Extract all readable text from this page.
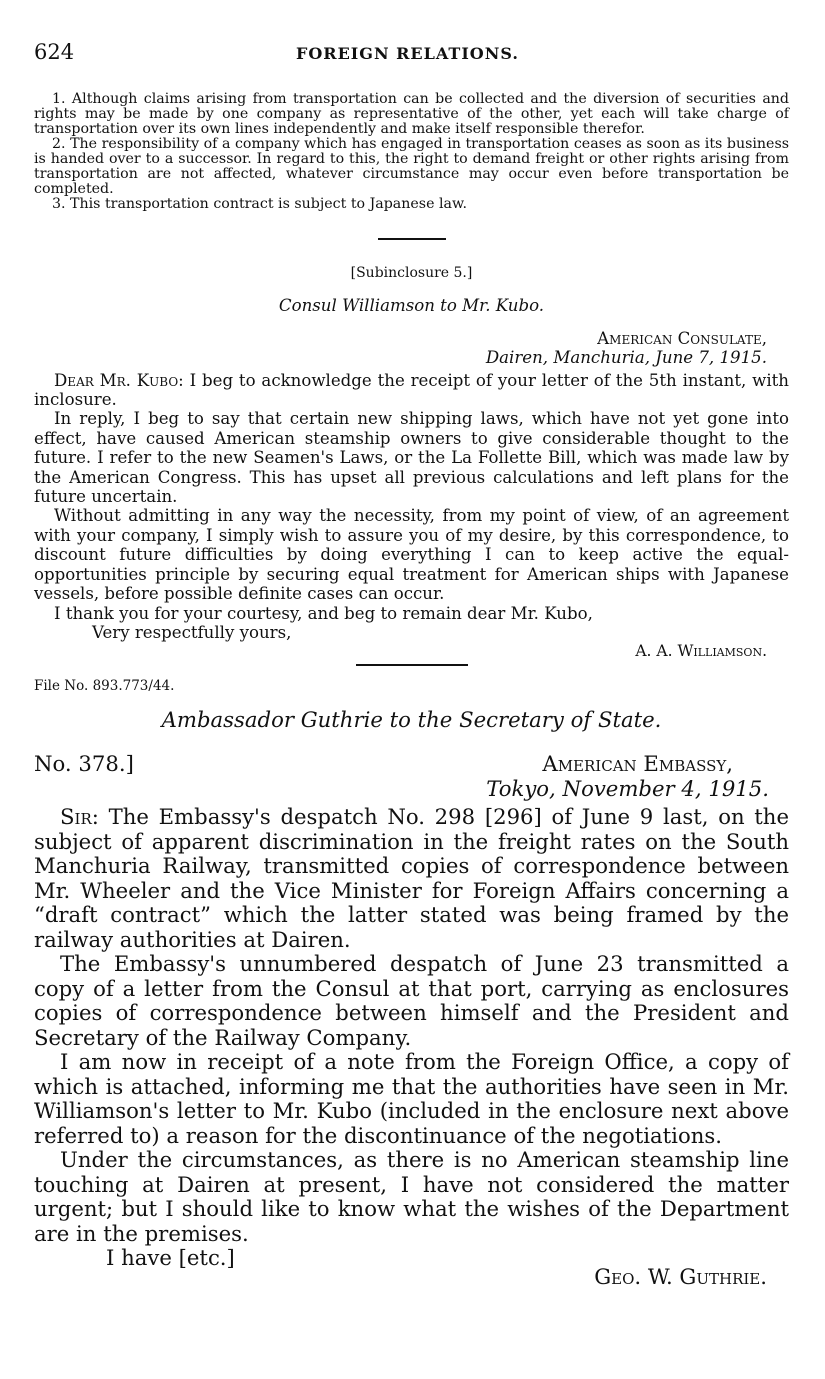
624	FOREIGN RELATIONS.

1. Although claims arising from transportation can be collected and the diversion of securities and rights may be made by one company as representative of the other, yet each will take charge of transportation over its own lines independently and make itself responsible therefor.

2. The responsibility of a company which has engaged in transportation ceases as soon as its business is handed over to a successor. In regard to this, the right to demand freight or other rights arising from transportation are not affected, whatever circumstance may occur even before transportation be completed.

3. This transportation contract is subject to Japanese law.

[Subinclosure 5.]
Consul Williamson to Mr. Kubo.
American Consulate,
Dairen, Manchuria, June 7, 1915.

Dear Mr. Kubo: I beg to acknowledge the receipt of your letter of the 5th instant, with inclosure.

In reply, I beg to say that certain new shipping laws, which have not yet gone into effect, have caused American steamship owners to give considerable thought to the future. I refer to the new Seamen's Laws, or the La Follette Bill, which was made law by the American Congress. This has upset all previous calculations and left plans for the future uncertain.

Without admitting in any way the necessity, from my point of view, of an agreement with your company, I simply wish to assure you of my desire, by this correspondence, to discount future difficulties by doing everything I can to keep active the equal-opportunities principle by securing equal treatment for American ships with Japanese vessels, before possible definite cases can occur.

I thank you for your courtesy, and beg to remain dear Mr. Kubo,

Very respectfully yours,
A. A. Williamson.
File No. 893.773/44.
Ambassador Guthrie to the Secretary of State.
No. 378.]	American Embassy,
Tokyo, November 4, 1915.

Sir: The Embassy's despatch No. 298 [296] of June 9 last, on the subject of apparent discrimination in the freight rates on the South Manchuria Railway, transmitted copies of correspondence between Mr. Wheeler and the Vice Minister for Foreign Affairs concerning a “draft contract” which the latter stated was being framed by the railway authorities at Dairen.

The Embassy's unnumbered despatch of June 23 transmitted a copy of a letter from the Consul at that port, carrying as enclosures copies of correspondence between himself and the President and Secretary of the Railway Company.

I am now in receipt of a note from the Foreign Office, a copy of which is attached, informing me that the authorities have seen in Mr. Williamson's letter to Mr. Kubo (included in the enclosure next above referred to) a reason for the discontinuance of the negotiations.

Under the circumstances, as there is no American steamship line touching at Dairen at present, I have not considered the matter urgent; but I should like to know what the wishes of the Department are in the premises.

I have [etc.]
Geo. W. Guthrie.
